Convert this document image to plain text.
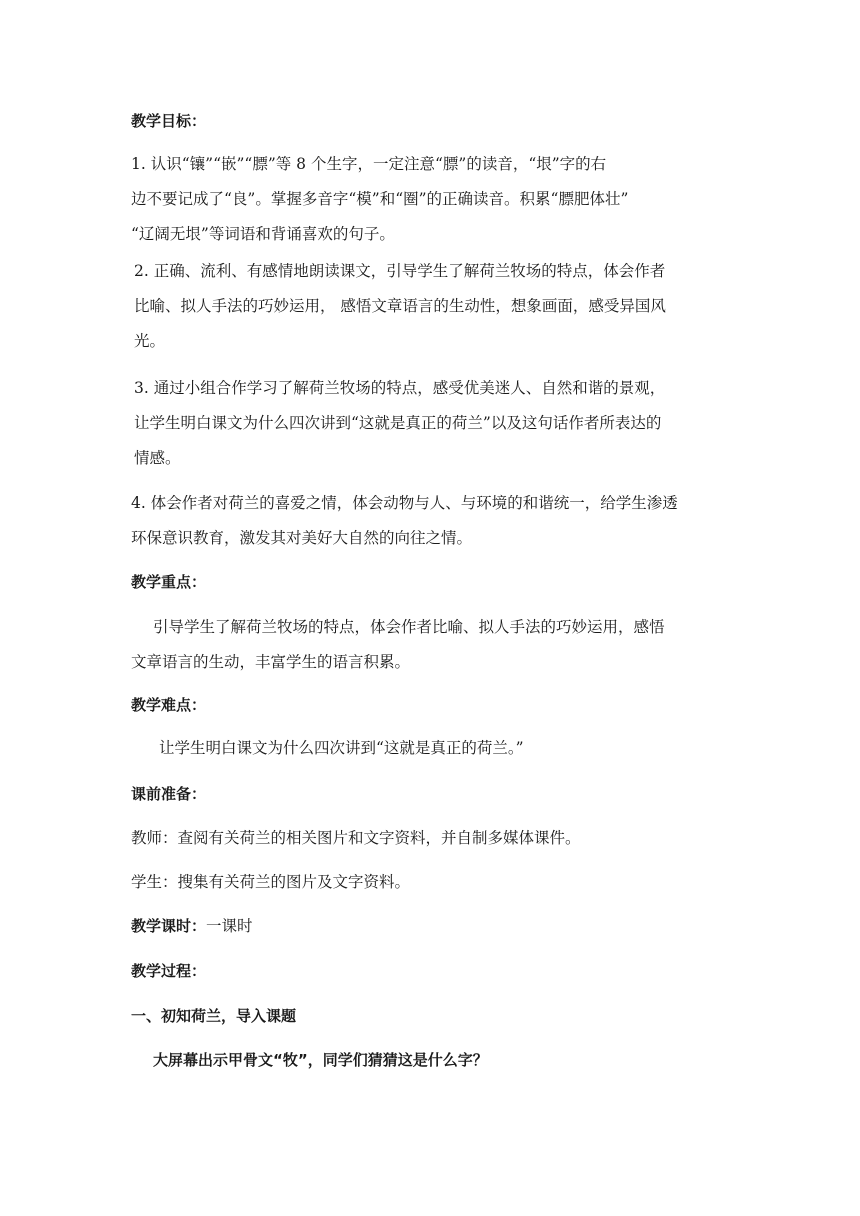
教学目标：
1. 认识“镶”“嵌”“膘”等 8 个生字，一定注意“膘”的读音，“垠”字的右
边不要记成了“良”。掌握多音字“模”和“圈”的正确读音。积累“膘肥体壮”
“辽阔无垠”等词语和背诵喜欢的句子。
2. 正确、流利、有感情地朗读课文，引导学生了解荷兰牧场的特点，体会作者
比喻、拟人手法的巧妙运用， 感悟文章语言的生动性，想象画面，感受异国风
光。
3. 通过小组合作学习了解荷兰牧场的特点，感受优美迷人、自然和谐的景观，
让学生明白课文为什么四次讲到“这就是真正的荷兰”以及这句话作者所表达的
情感。
4. 体会作者对荷兰的喜爱之情，体会动物与人、与环境的和谐统一，给学生渗透
环保意识教育，激发其对美好大自然的向往之情。
教学重点：
引导学生了解荷兰牧场的特点，体会作者比喻、拟人手法的巧妙运用，感悟
文章语言的生动，丰富学生的语言积累。
教学难点：
让学生明白课文为什么四次讲到“这就是真正的荷兰。”
课前准备：
教师：查阅有关荷兰的相关图片和文字资料，并自制多媒体课件。
学生：搜集有关荷兰的图片及文字资料。
教学课时：一课时
教学过程：
一、初知荷兰，导入课题
大屏幕出示甲骨文“牧”，同学们猜猜这是什么字？
